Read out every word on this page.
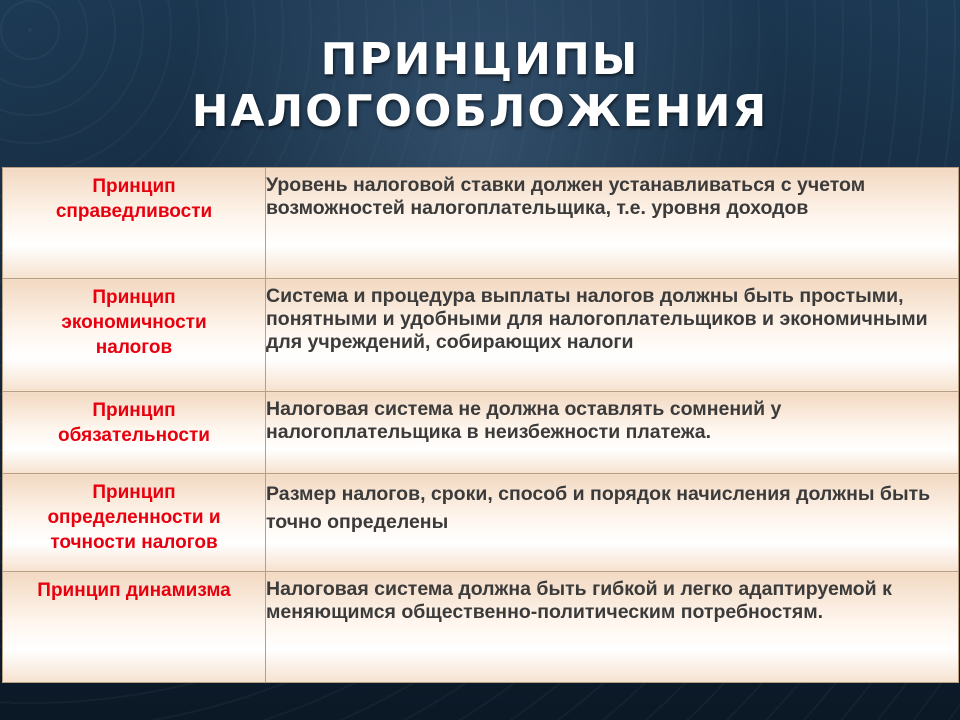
ПРИНЦИПЫ
НАЛОГООБЛОЖЕНИЯ
Принцип справедливости	Уровень налоговой ставки должен устанавливаться с учетом возможностей налогоплательщика, т.е. уровня доходов

Принцип экономичности налогов	Система и процедура выплаты налогов должны быть простыми, понятными и удобными для налогоплательщиков и экономичными для учреждений, собирающих налоги

Принцип обязательности	Налоговая система не должна оставлять сомнений у налогоплательщика в неизбежности платежа.

Принцип определенности и точности налогов	Размер налогов, сроки, способ и порядок начисления должны быть точно определены

Принцип динамизма	Налоговая система должна быть гибкой и легко адаптируемой к меняющимся общественно-политическим потребностям.
